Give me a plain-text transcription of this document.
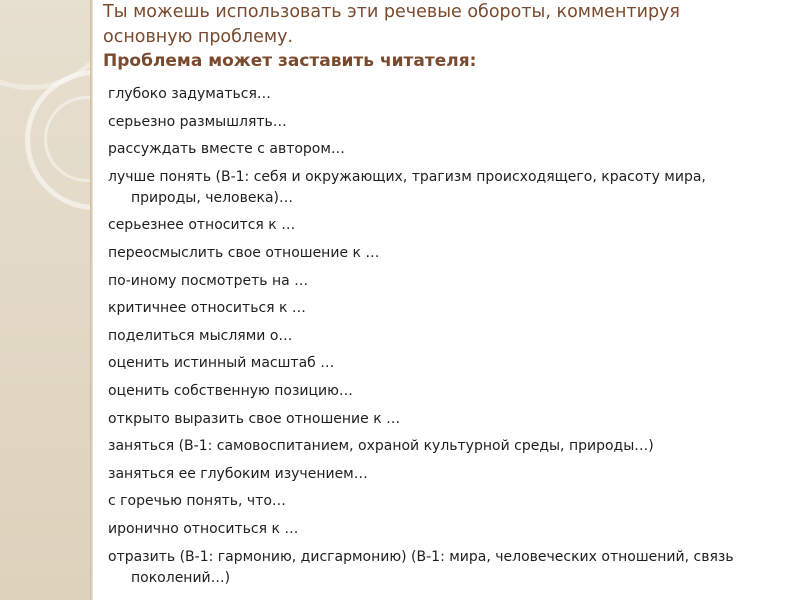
Ты можешь использовать эти речевые обороты, комментируя

основную проблему.

Проблема может заставить читателя:

глубоко задуматься…
серьезно размышлять…
рассуждать вместе с автором…
лучше понять (В-1: себя и окружающих, трагизм происходящего, красоту мира, природы, человека)…
серьезнее относится к …
переосмыслить свое отношение к …
по-иному посмотреть на …
критичнее относиться к …
поделиться мыслями о…
оценить истинный масштаб …
оценить собственную позицию…
открыто выразить свое отношение к …
заняться (В-1: самовоспитанием, охраной культурной среды, природы…)
заняться ее глубоким изучением…
с горечью понять, что…
иронично относиться к …
отразить (В-1: гармонию, дисгармонию) (В-1: мира, человеческих отношений, связь поколений…)
